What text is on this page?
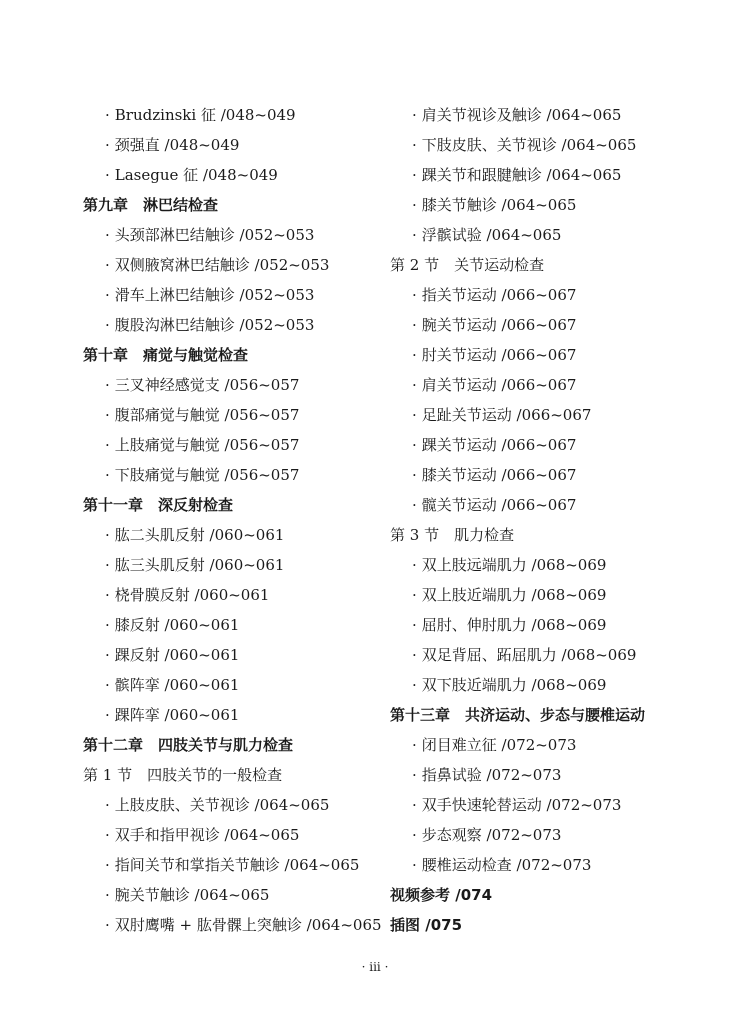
· Brudzinski 征 /048~049
· 颈强直 /048~049
· Lasegue 征 /048~049
第九章　淋巴结检查
· 头颈部淋巴结触诊 /052~053
· 双侧腋窝淋巴结触诊 /052~053
· 滑车上淋巴结触诊 /052~053
· 腹股沟淋巴结触诊 /052~053
第十章　痛觉与触觉检查
· 三叉神经感觉支 /056~057
· 腹部痛觉与触觉 /056~057
· 上肢痛觉与触觉 /056~057
· 下肢痛觉与触觉 /056~057
第十一章　深反射检查
· 肱二头肌反射 /060~061
· 肱三头肌反射 /060~061
· 桡骨膜反射 /060~061
· 膝反射 /060~061
· 踝反射 /060~061
· 髌阵挛 /060~061
· 踝阵挛 /060~061
第十二章　四肢关节与肌力检查
第 1 节　四肢关节的一般检查
· 上肢皮肤、关节视诊 /064~065
· 双手和指甲视诊 /064~065
· 指间关节和掌指关节触诊 /064~065
· 腕关节触诊 /064~065
· 双肘鹰嘴 + 肱骨髁上突触诊 /064~065
· 肩关节视诊及触诊 /064~065
· 下肢皮肤、关节视诊 /064~065
· 踝关节和跟腱触诊 /064~065
· 膝关节触诊 /064~065
· 浮髌试验 /064~065
第 2 节　关节运动检查
· 指关节运动 /066~067
· 腕关节运动 /066~067
· 肘关节运动 /066~067
· 肩关节运动 /066~067
· 足趾关节运动 /066~067
· 踝关节运动 /066~067
· 膝关节运动 /066~067
· 髋关节运动 /066~067
第 3 节　肌力检查
· 双上肢远端肌力 /068~069
· 双上肢近端肌力 /068~069
· 屈肘、伸肘肌力 /068~069
· 双足背屈、跖屈肌力 /068~069
· 双下肢近端肌力 /068~069
第十三章　共济运动、步态与腰椎运动
· 闭目难立征 /072~073
· 指鼻试验 /072~073
· 双手快速轮替运动 /072~073
· 步态观察 /072~073
· 腰椎运动检查 /072~073
视频参考 /074
插图 /075
· iii ·
